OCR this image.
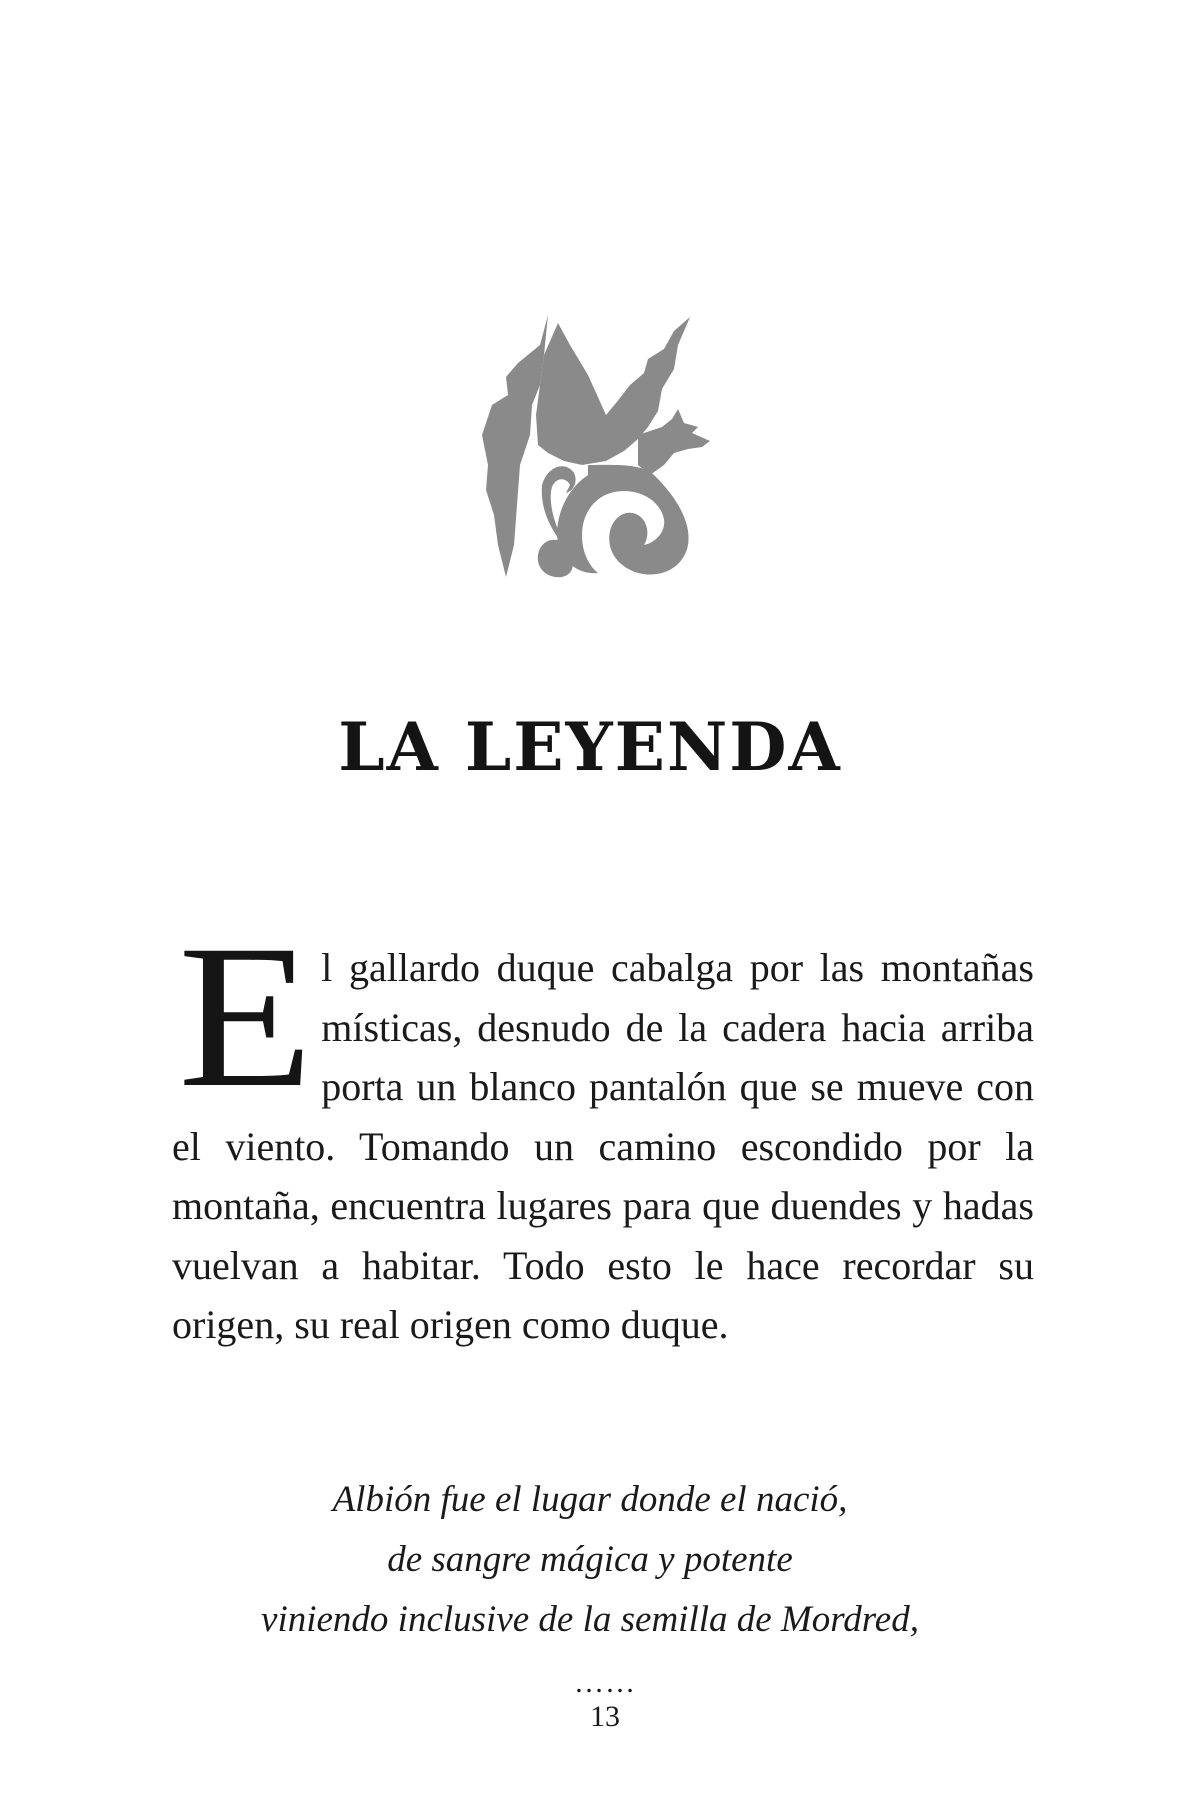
LA LEYENDA
El gallardo duque cabalga por las montañas místicas, desnudo de la cadera hacia arriba porta un blanco pantalón que se mueve con el viento. Tomando un camino escondido por la montaña, encuentra lugares para que duendes y hadas vuelvan a habitar. Todo esto le hace recordar su origen, su real origen como duque.
Albión fue el lugar donde el nació,
de sangre mágica y potente
viniendo inclusive de la semilla de Mordred,
……
13
